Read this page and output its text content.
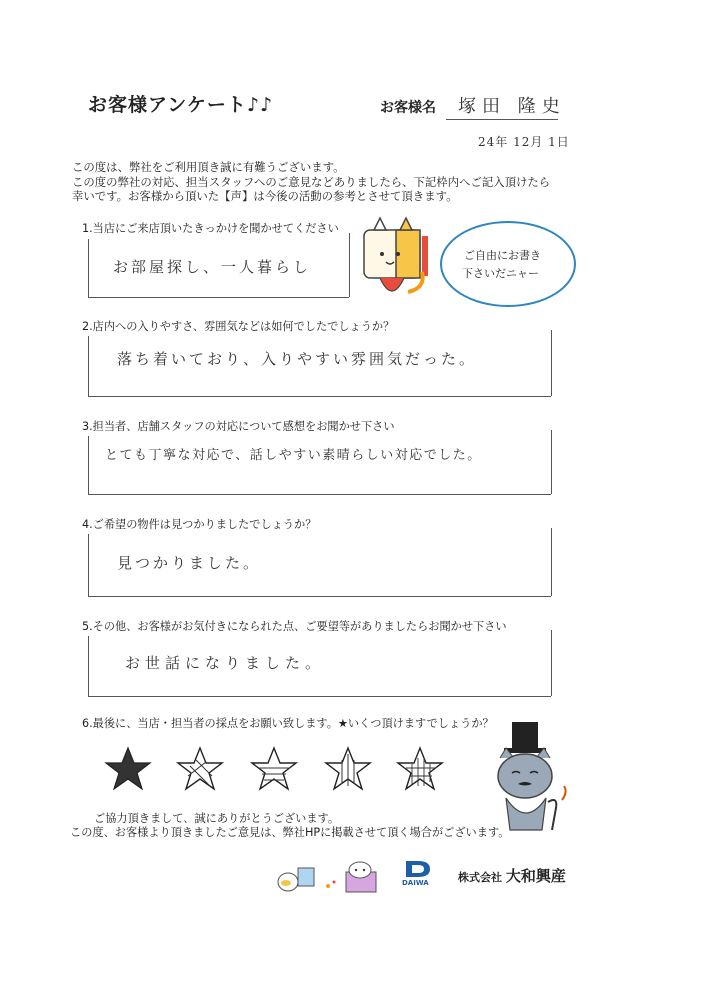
お客様アンケート♪♪	お客様名 塚田 隆史
24年 12月 1日
この度は、弊社をご利用頂き誠に有難うございます。
この度の弊社の対応、担当スタッフへのご意見などありましたら、下記枠内へご記入頂けたら
幸いです。お客様から頂いた【声】は今後の活動の参考とさせて頂きます。
1.当店にご来店頂いたきっかけを聞かせてください
お部屋探し、一人暮らし
ご自由にお書き
下さいだニャー
2.店内への入りやすさ、雰囲気などは如何でしたでしょうか？
落ち着いており、入りやすい雰囲気だった。
3.担当者、店舗スタッフの対応について感想をお聞かせ下さい
とても丁寧な対応で、話しやすい素晴らしい対応でした。
4.ご希望の物件は見つかりましたでしょうか？
見つかりました。
5.その他、お客様がお気付きになられた点、ご要望等がありましたらお聞かせ下さい
お世話になりました。
6.最後に、当店・担当者の採点をお願い致します。★いくつ頂けますでしょうか？
ご協力頂きまして、誠にありがとうございます。
この度、お客様より頂きましたご意見は、弊社HPに掲載させて頂く場合がございます。
DAIWA	株式会社 大和興産
